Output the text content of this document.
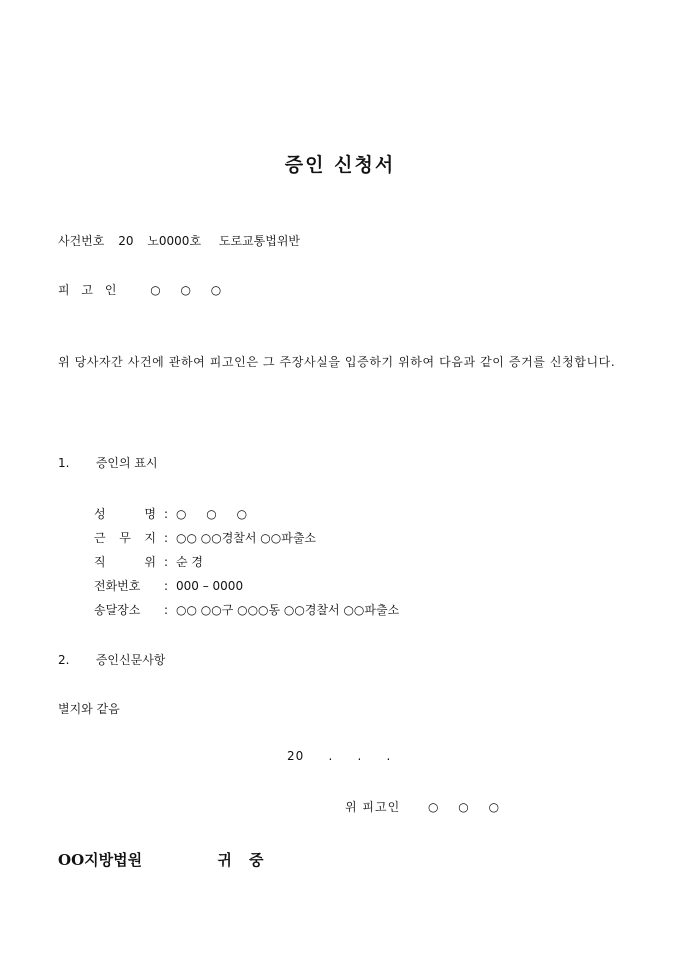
증인 신청서
사건번호 20 노0000호 도로교통법위반
피 고 인 ○ ○ ○
위 당사자간 사건에 관하여 피고인은 그 주장사실을 입증하기 위하여 다음과 같이 증거를 신청합니다.
1. 증인의 표시
성 명 : ○ ○ ○
근 무 지 : ○○ ○○경찰서 ○○파출소
직 위 : 순 경
전화번호 : 000 – 0000
송달장소 : ○○ ○○구 ○○○동 ○○경찰서 ○○파출소
2. 증인신문사항
별지와 같음
20 . . .
위 피고인 ○ ○ ○
OO지방법원	귀 중
